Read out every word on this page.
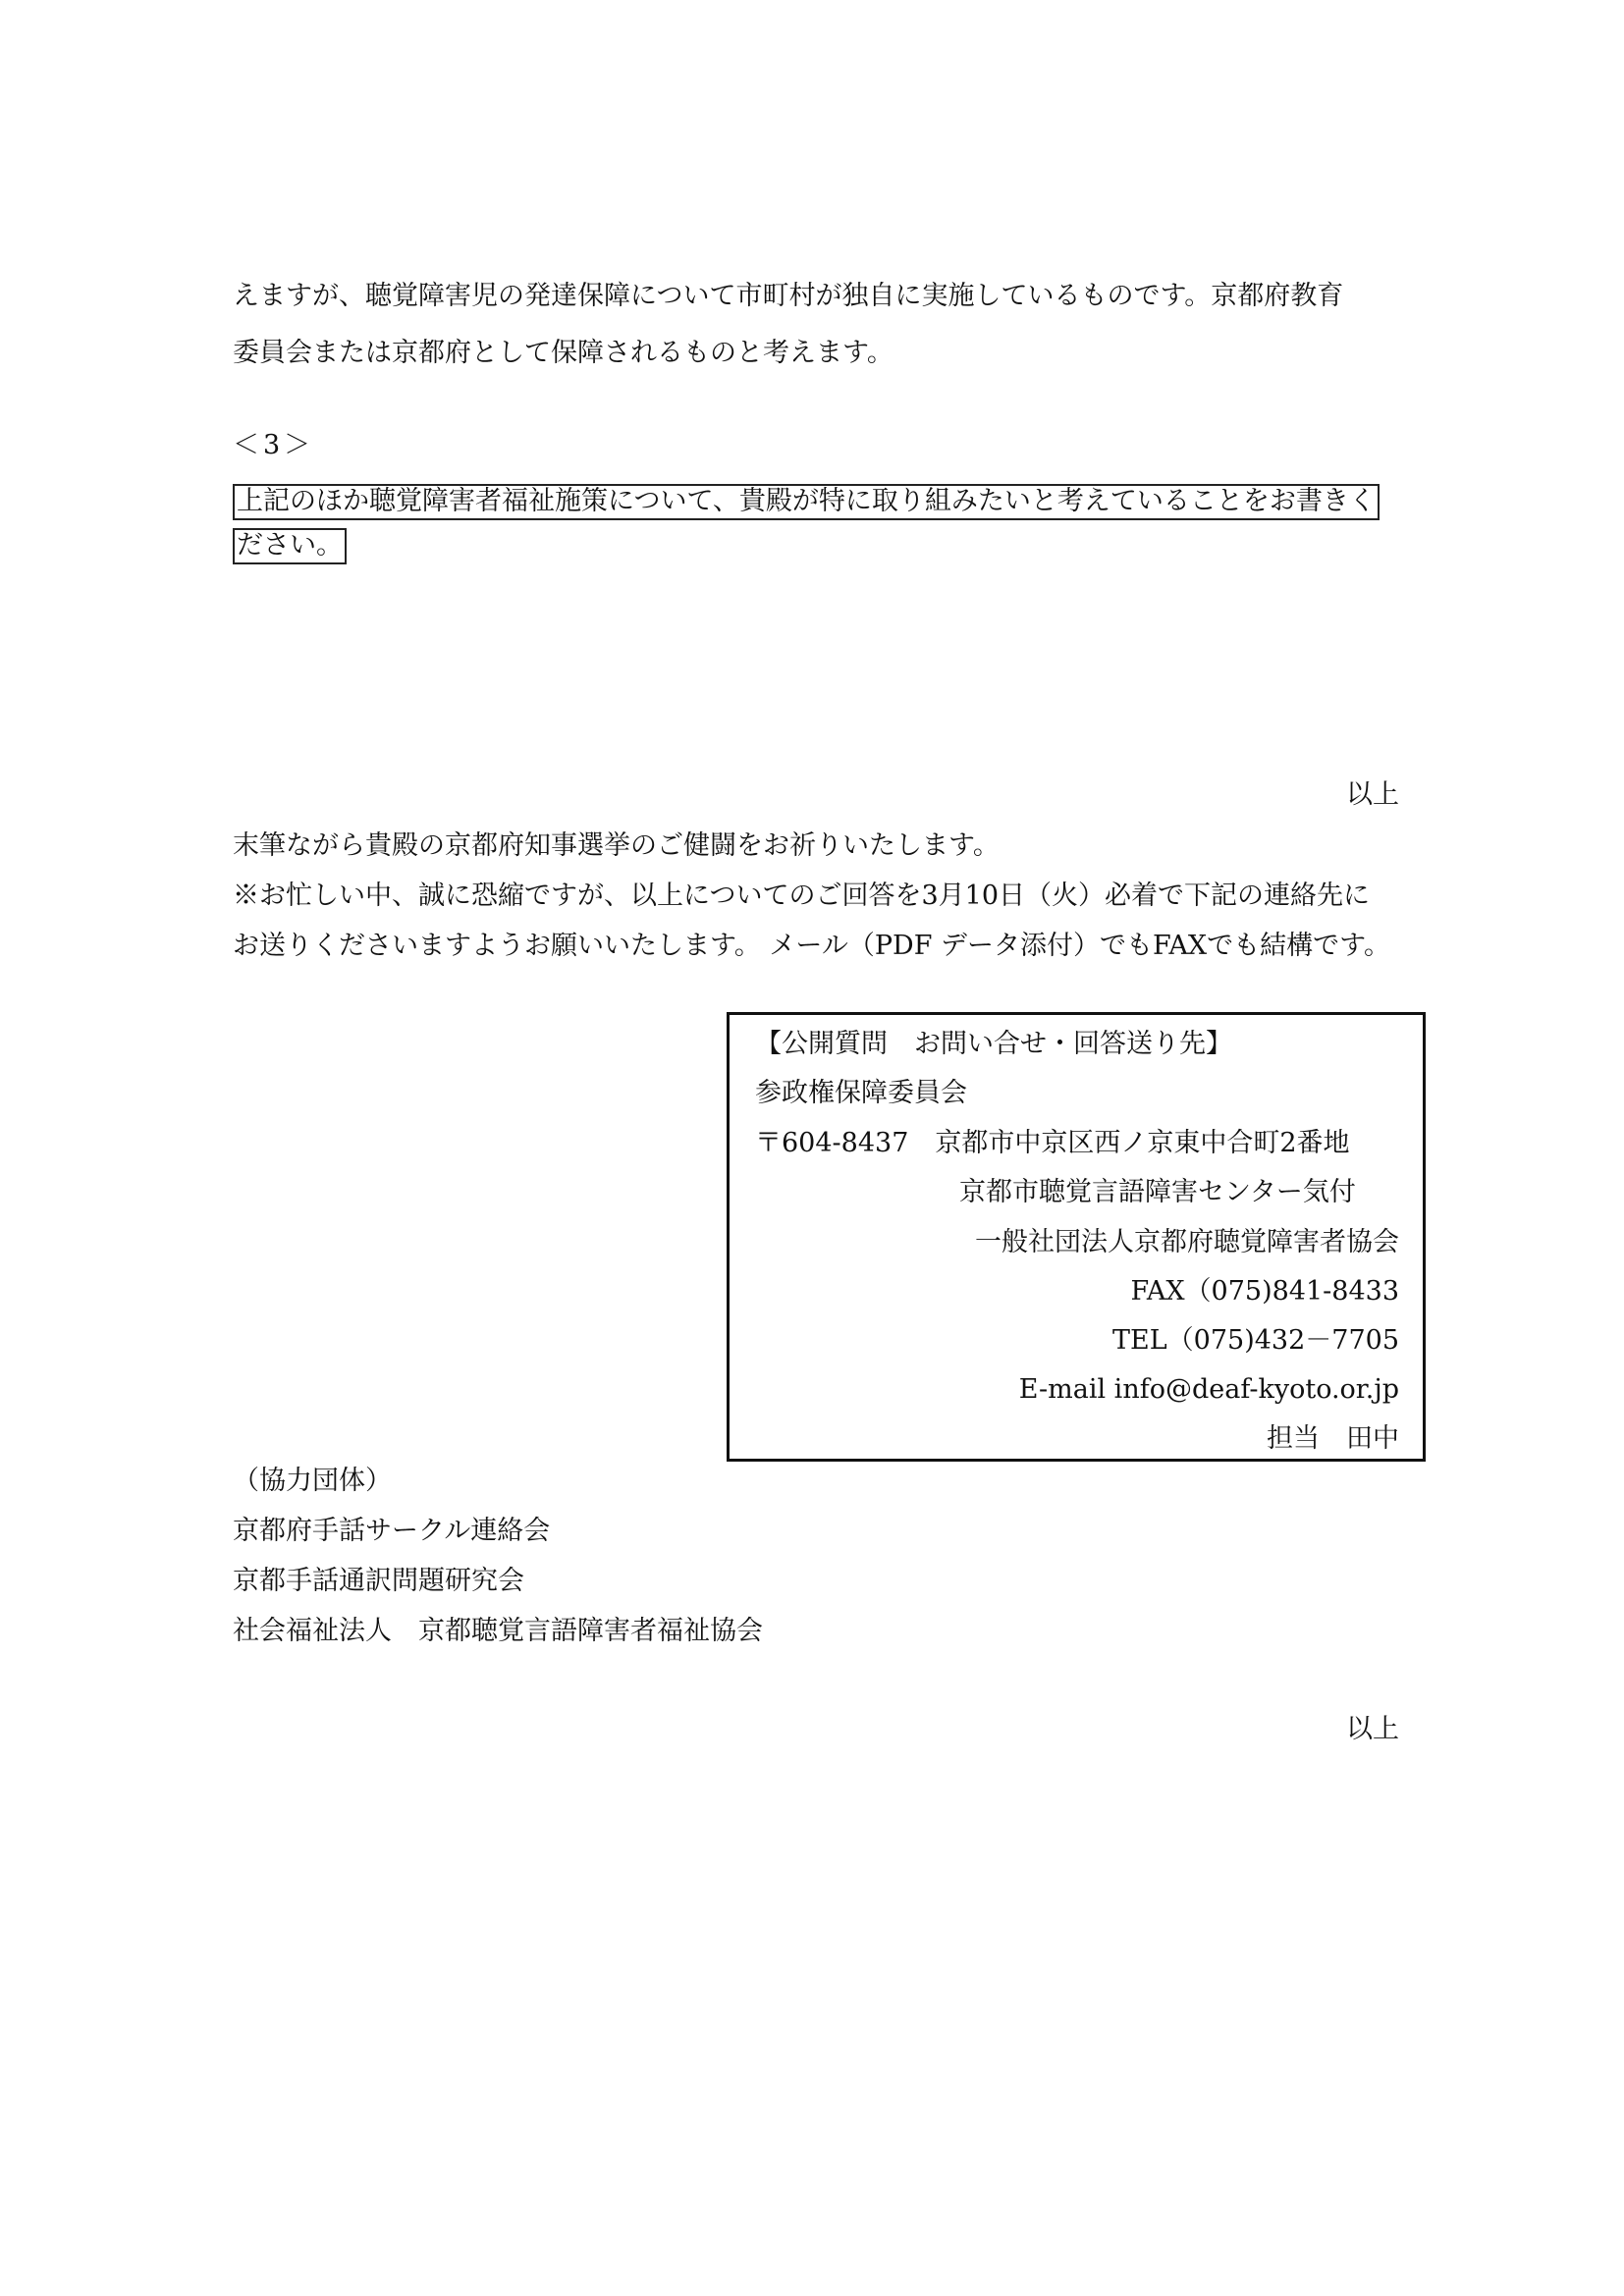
えますが、聴覚障害児の発達保障について市町村が独自に実施しているものです。京都府教育
委員会または京都府として保障されるものと考えます。
＜3＞
上記のほか聴覚障害者福祉施策について、貴殿が特に取り組みたいと考えていることをお書きく
ださい。
以上
末筆ながら貴殿の京都府知事選挙のご健闘をお祈りいたします。
※お忙しい中、誠に恐縮ですが、以上についてのご回答を3月10日（火）必着で下記の連絡先に
お送りくださいますようお願いいたします。 メール（PDF データ添付）でもFAXでも結構です。
【公開質問　お問い合せ・回答送り先】
参政権保障委員会
〒604-8437　京都市中京区西ノ京東中合町2番地
京都市聴覚言語障害センター気付
一般社団法人京都府聴覚障害者協会
FAX（075)841-8433
TEL（075)432－7705
E-mail info@deaf-kyoto.or.jp
担当　田中
（協力団体）
京都府手話サークル連絡会
京都手話通訳問題研究会
社会福祉法人　京都聴覚言語障害者福祉協会
以上
